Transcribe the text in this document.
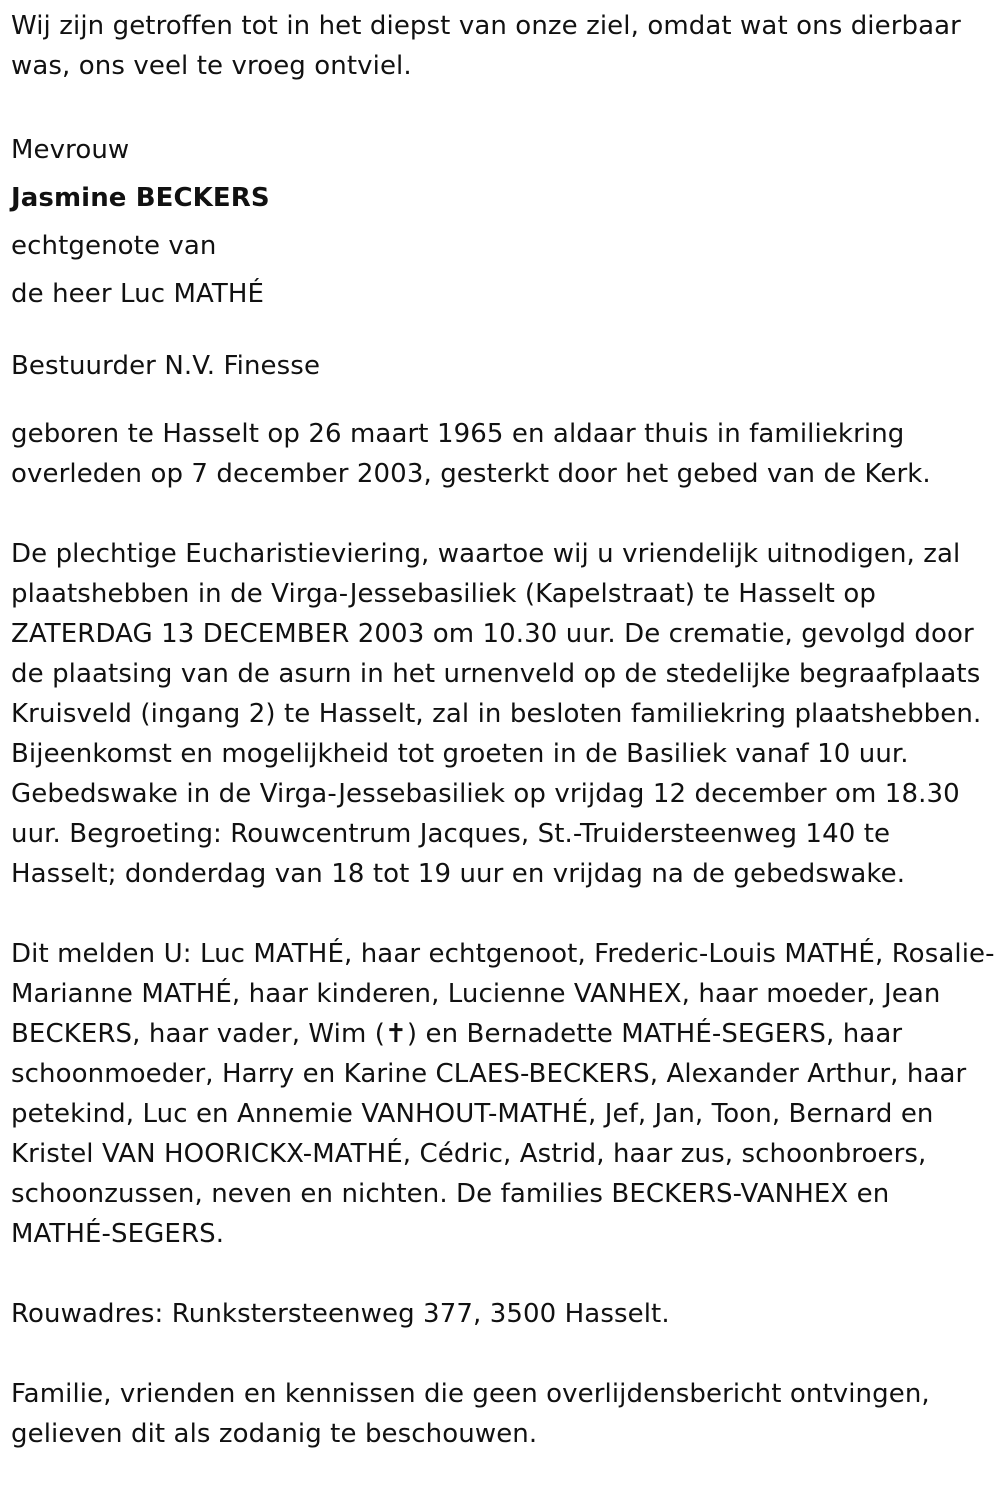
Wij zijn getroffen tot in het diepst van onze ziel, omdat wat ons dierbaar was, ons veel te vroeg ontviel.

Mevrouw

Jasmine BECKERS

echtgenote van

de heer Luc MATHÉ

Bestuurder N.V. Finesse

geboren te Hasselt op 26 maart 1965 en aldaar thuis in familiekring overleden op 7 december 2003, gesterkt door het gebed van de Kerk.

De plechtige Eucharistieviering, waartoe wij u vriendelijk uitnodigen, zal plaatshebben in de Virga-Jessebasiliek (Kapelstraat) te Hasselt op ZATERDAG 13 DECEMBER 2003 om 10.30 uur. De crematie, gevolgd door de plaatsing van de asurn in het urnenveld op de stedelijke begraafplaats Kruisveld (ingang 2) te Hasselt, zal in besloten familiekring plaatshebben. Bijeenkomst en mogelijkheid tot groeten in de Basiliek vanaf 10 uur. Gebedswake in de Virga-Jessebasiliek op vrijdag 12 december om 18.30 uur. Begroeting: Rouwcentrum Jacques, St.-Truidersteenweg 140 te Hasselt; donderdag van 18 tot 19 uur en vrijdag na de gebedswake.

Dit melden U: Luc MATHÉ, haar echtgenoot, Frederic-Louis MATHÉ, Rosalie-Marianne MATHÉ, haar kinderen, Lucienne VANHEX, haar moeder, Jean BECKERS, haar vader, Wim (✝) en Bernadette MATHÉ-SEGERS, haar schoonmoeder, Harry en Karine CLAES-BECKERS, Alexander Arthur, haar petekind, Luc en Annemie VANHOUT-MATHÉ, Jef, Jan, Toon, Bernard en Kristel VAN HOORICKX-MATHÉ, Cédric, Astrid, haar zus, schoonbroers, schoonzussen, neven en nichten. De families BECKERS-VANHEX en MATHÉ-SEGERS.

Rouwadres: Runkstersteenweg 377, 3500 Hasselt.

Familie, vrienden en kennissen die geen overlijdensbericht ontvingen, gelieven dit als zodanig te beschouwen.
